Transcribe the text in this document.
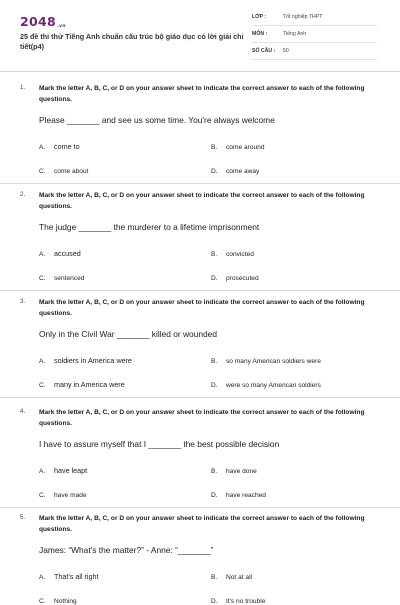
2048.vn
25 đề thi thử Tiếng Anh chuẩn cấu trúc bộ giáo dục có lời giải chi tiết(p4)
LỚP :	Tốt nghiệp THPT
MÔN :	Tiếng Anh
SỐ CÂU : 50
1. Mark the letter A, B, C, or D on your answer sheet to indicate the correct answer to each of the following questions.
Please _______ and see us some time. You're always welcome
A. come to	B. come around
C. come about	D. come away
2. Mark the letter A, B, C, or D on your answer sheet to indicate the correct answer to each of the following questions.
The judge _______ the murderer to a lifetime imprisonment
A. accused	B. convicted
C. sentenced	D. prosecuted
3. Mark the letter A, B, C, or D on your answer sheet to indicate the correct answer to each of the following questions.
Only in the Civil War _______ killed or wounded
A. soldiers in America were	B. so many American soldiers were
C. many in America were	D. were so many American soldiers
4. Mark the letter A, B, C, or D on your answer sheet to indicate the correct answer to each of the following questions.
I have to assure myself that I _______ the best possible decision
A. have leapt	B. have done
C. have made	D. have reached
5. Mark the letter A, B, C, or D on your answer sheet to indicate the correct answer to each of the following questions.
James: “What's the matter?” - Anne: “_______”
A. That's all right	B. Not at all
C. Nothing	D. It's no trouble
